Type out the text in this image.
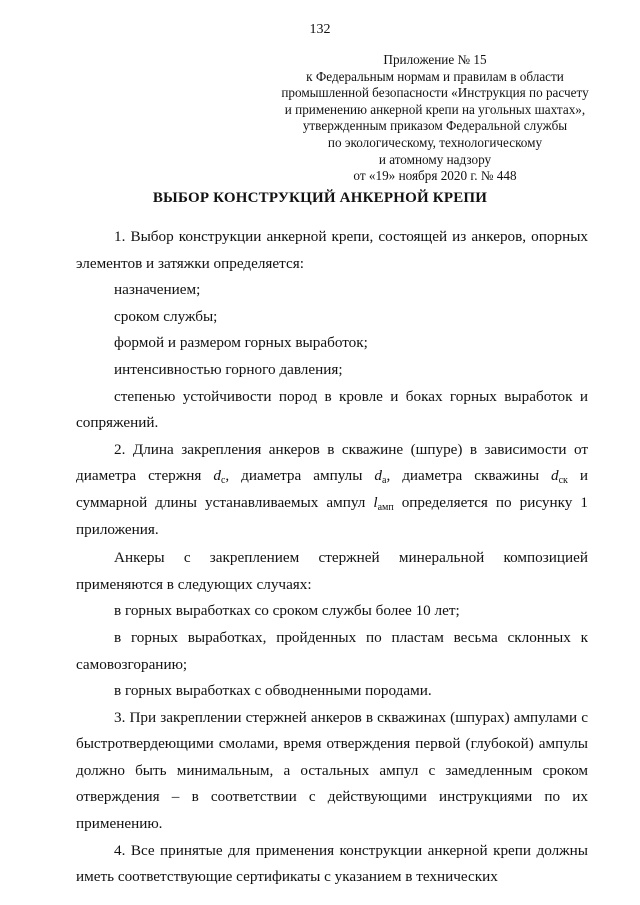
132
Приложение № 15
к Федеральным нормам и правилам в области
промышленной безопасности «Инструкция по расчету
и применению анкерной крепи на угольных шахтах»,
утвержденным приказом Федеральной службы
по экологическому, технологическому
и атомному надзору
от «19» ноября 2020 г. № 448
ВЫБОР КОНСТРУКЦИЙ АНКЕРНОЙ КРЕПИ

1. Выбор конструкции анкерной крепи, состоящей из анкеров, опорных элементов и затяжки определяется:

назначением;

сроком службы;

формой и размером горных выработок;

интенсивностью горного давления;

степенью устойчивости пород в кровле и боках горных выработок и сопряжений.

2. Длина закрепления анкеров в скважине (шпуре) в зависимости от диаметра стержня $d_c$, диаметра ампулы $d_a$, диаметра скважины $d_{ск}$ и суммарной длины устанавливаемых ампул $l_{амп}$ определяется по рисунку 1 приложения.

Анкеры с закреплением стержней минеральной композицией применяются в следующих случаях:

в горных выработках со сроком службы более 10 лет;

в горных выработках, пройденных по пластам весьма склонных к самовозгоранию;

в горных выработках с обводненными породами.

3. При закреплении стержней анкеров в скважинах (шпурах) ампулами с быстротвердеющими смолами, время отверждения первой (глубокой) ампулы должно быть минимальным, а остальных ампул с замедленным сроком отверждения – в соответствии с действующими инструкциями по их применению.

4. Все принятые для применения конструкции анкерной крепи должны иметь соответствующие сертификаты с указанием в технических
